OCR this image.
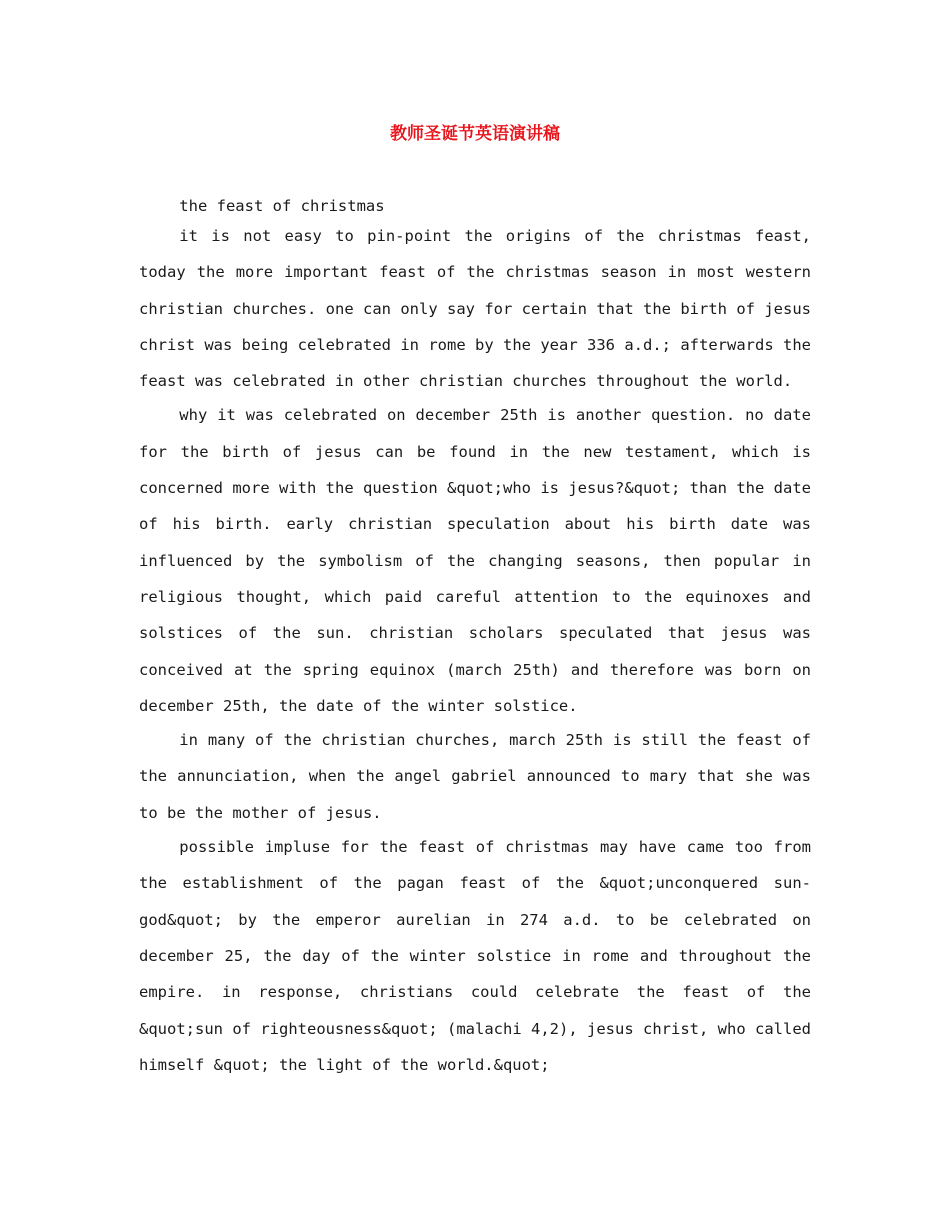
教师圣诞节英语演讲稿

the feast of christmas

it is not easy to pin-point the origins of the christmas feast, today the more important feast of the christmas season in most western christian churches. one can only say for certain that the birth of jesus christ was being celebrated in rome by the year 336 a.d.; afterwards the feast was celebrated in other christian churches throughout the world.

why it was celebrated on december 25th is another question. no date for the birth of jesus can be found in the new testament, which is concerned more with the question &quot;who is jesus?&quot; than the date of his birth. early christian speculation about his birth date was influenced by the symbolism of the changing seasons, then popular in religious thought, which paid careful attention to the equinoxes and solstices of the sun. christian scholars speculated that jesus was conceived at the spring equinox (march 25th) and therefore was born on december 25th, the date of the winter solstice.

in many of the christian churches, march 25th is still the feast of the annunciation, when the angel gabriel announced to mary that she was to be the mother of jesus.

possible impluse for the feast of christmas may have came too from the establishment of the pagan feast of the &quot;unconquered sun-god&quot; by the emperor aurelian in 274 a.d. to be celebrated on december 25, the day of the winter solstice in rome and throughout the empire. in response, christians could celebrate the feast of the &quot;sun of righteousness&quot; (malachi 4,2), jesus christ, who called himself &quot; the light of the world.&quot;
